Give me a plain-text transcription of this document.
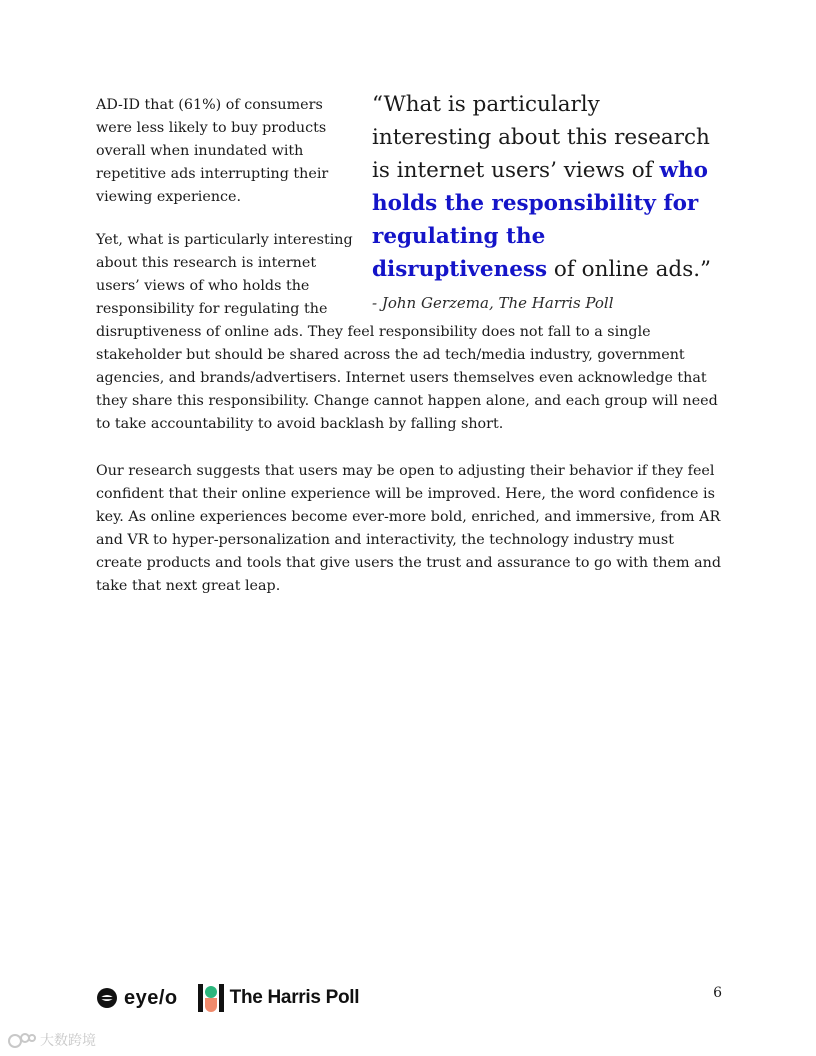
AD-ID that (61%) of consumers were less likely to buy products overall when inundated with repetitive ads interrupting their viewing experience.

Yet, what is particularly interesting about this research is internet users’ views of who holds the responsibility for regulating the

“What is particularly interesting about this research is internet users’ views of who holds the responsibility for regulating the disruptiveness of online ads.”

- John Gerzema, The Harris Poll

disruptiveness of online ads. They feel responsibility does not fall to a single stakeholder but should be shared across the ad tech/media industry, government agencies, and brands/advertisers. Internet users themselves even acknowledge that they share this responsibility. Change cannot happen alone, and each group will need to take accountability to avoid backlash by falling short.

Our research suggests that users may be open to adjusting their behavior if they feel confident that their online experience will be improved. Here, the word confidence is key. As online experiences become ever-more bold, enriched, and immersive, from AR and VR to hyper-personalization and interactivity, the technology industry must create products and tools that give users the trust and assurance to go with them and take that next great leap.

eye/o	The Harris Poll	6
大数跨境
